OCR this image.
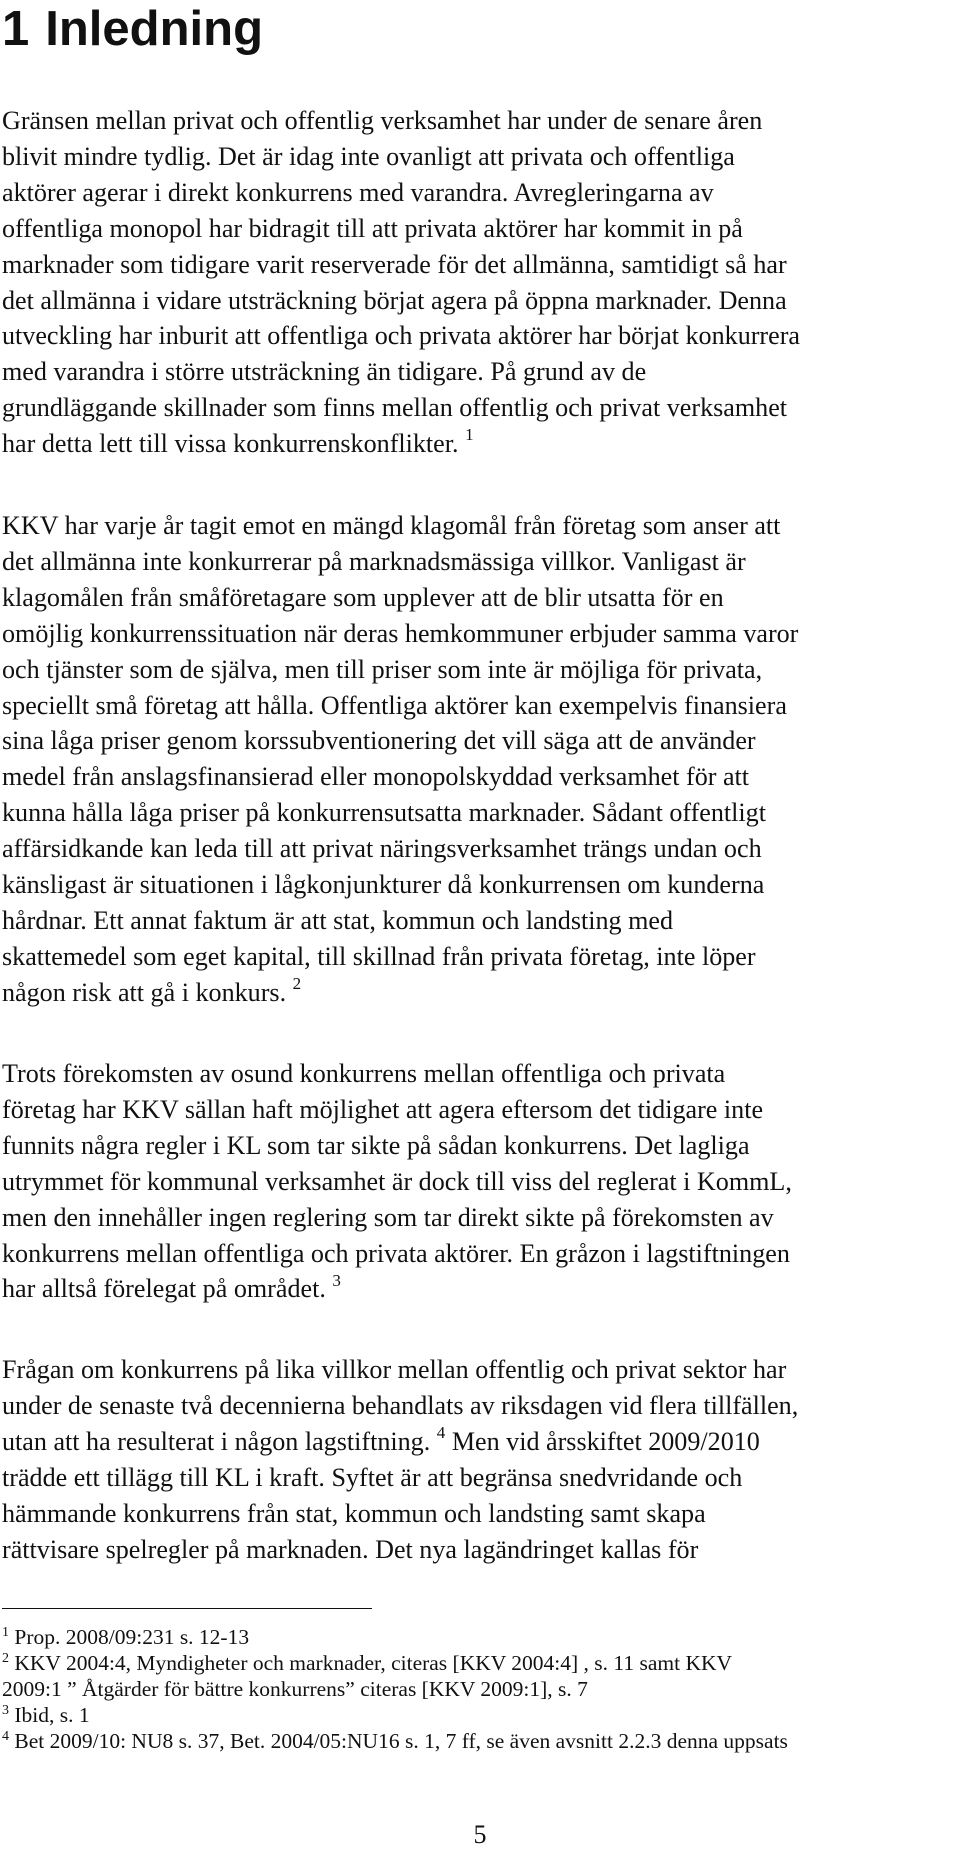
1 Inledning

Gränsen mellan privat och offentlig verksamhet har under de senare åren
blivit mindre tydlig. Det är idag inte ovanligt att privata och offentliga
aktörer agerar i direkt konkurrens med varandra. Avregleringarna av
offentliga monopol har bidragit till att privata aktörer har kommit in på
marknader som tidigare varit reserverade för det allmänna, samtidigt så har
det allmänna i vidare utsträckning börjat agera på öppna marknader. Denna
utveckling har inburit att offentliga och privata aktörer har börjat konkurrera
med varandra i större utsträckning än tidigare. På grund av de
grundläggande skillnader som finns mellan offentlig och privat verksamhet
har detta lett till vissa konkurrenskonflikter. $^1$

KKV har varje år tagit emot en mängd klagomål från företag som anser att
det allmänna inte konkurrerar på marknadsmässiga villkor. Vanligast är
klagomålen från småföretagare som upplever att de blir utsatta för en
omöjlig konkurrenssituation när deras hemkommuner erbjuder samma varor
och tjänster som de själva, men till priser som inte är möjliga för privata,
speciellt små företag att hålla. Offentliga aktörer kan exempelvis finansiera
sina låga priser genom korssubventionering det vill säga att de använder
medel från anslagsfinansierad eller monopolskyddad verksamhet för att
kunna hålla låga priser på konkurrensutsatta marknader. Sådant offentligt
affärsidkande kan leda till att privat näringsverksamhet trängs undan och
känsligast är situationen i lågkonjunkturer då konkurrensen om kunderna
hårdnar. Ett annat faktum är att stat, kommun och landsting med
skattemedel som eget kapital, till skillnad från privata företag, inte löper
någon risk att gå i konkurs. $^2$

Trots förekomsten av osund konkurrens mellan offentliga och privata
företag har KKV sällan haft möjlighet att agera eftersom det tidigare inte
funnits några regler i KL som tar sikte på sådan konkurrens. Det lagliga
utrymmet för kommunal verksamhet är dock till viss del reglerat i KommL,
men den innehåller ingen reglering som tar direkt sikte på förekomsten av
konkurrens mellan offentliga och privata aktörer. En gråzon i lagstiftningen
har alltså förelegat på området. $^3$

Frågan om konkurrens på lika villkor mellan offentlig och privat sektor har
under de senaste två decennierna behandlats av riksdagen vid flera tillfällen,
utan att ha resulterat i någon lagstiftning. $^4$ Men vid årsskiftet 2009/2010
trädde ett tillägg till KL i kraft. Syftet är att begränsa snedvridande och
hämmande konkurrens från stat, kommun och landsting samt skapa
rättvisare spelregler på marknaden. Det nya lagändringet kallas för

$^1$ Prop. 2008/09:231 s. 12-13
$^2$ KKV 2004:4, Myndigheter och marknader, citeras [KKV 2004:4] , s. 11 samt KKV
2009:1 ” Åtgärder för bättre konkurrens” citeras [KKV 2009:1], s. 7
$^3$ Ibid, s. 1
$^4$ Bet 2009/10: NU8 s. 37, Bet. 2004/05:NU16 s. 1, 7 ff, se även avsnitt 2.2.3 denna uppsats
5
